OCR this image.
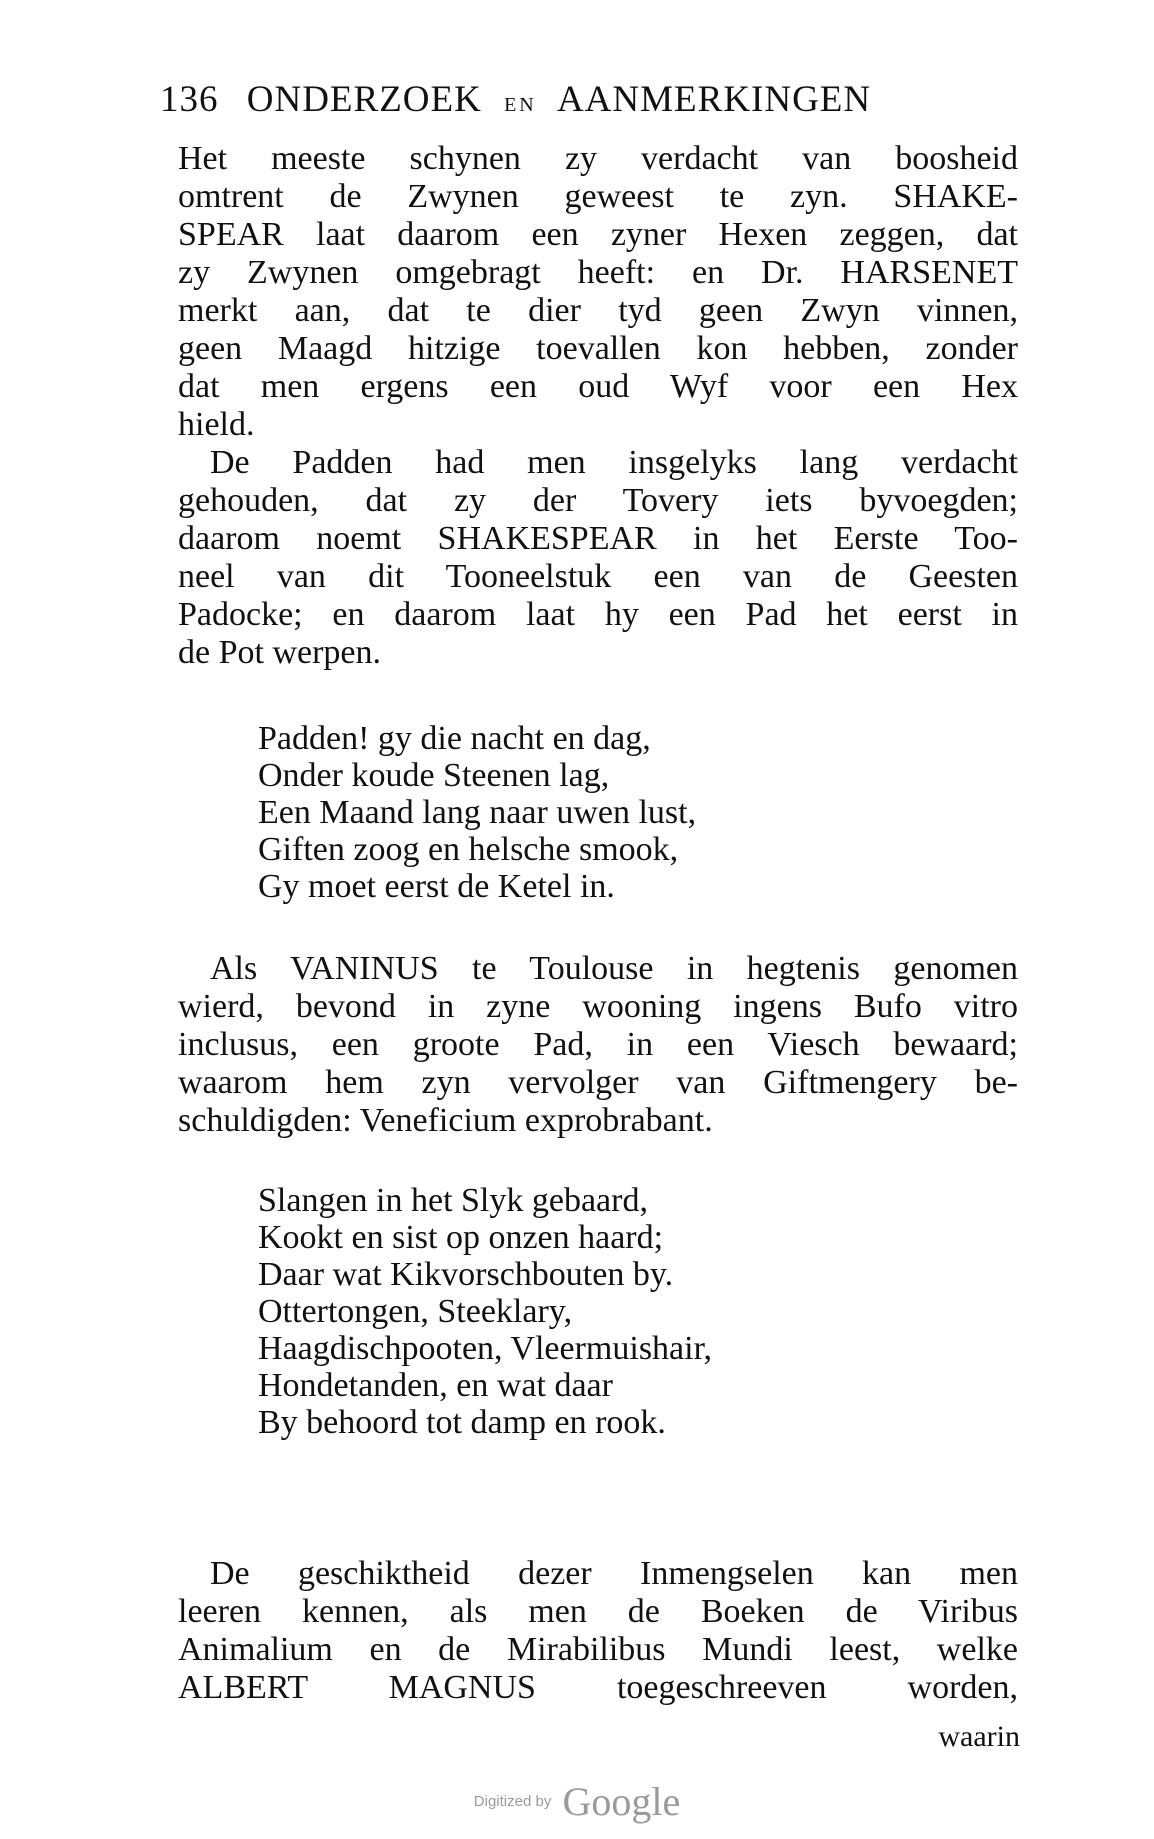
136 ONDERZOEK EN AANMERKINGEN
Het meeste schynen zy verdacht van boosheid
omtrent de Zwynen geweest te zyn. SHAKE-
SPEAR laat daarom een zyner Hexen zeggen, dat
zy Zwynen omgebragt heeft: en Dr. HARSENET
merkt aan, dat te dier tyd geen Zwyn vinnen,
geen Maagd hitzige toevallen kon hebben, zonder
dat men ergens een oud Wyf voor een Hex
hield.
De Padden had men insgelyks lang verdacht
gehouden, dat zy der Tovery iets byvoegden;
daarom noemt SHAKESPEAR in het Eerste Too-
neel van dit Tooneelstuk een van de Geesten
Padocke; en daarom laat hy een Pad het eerst in
de Pot werpen.
Padden! gy die nacht en dag,
Onder koude Steenen lag,
Een Maand lang naar uwen lust,
Giften zoog en helsche smook,
Gy moet eerst de Ketel in.
Als VANINUS te Toulouse in hegtenis genomen
wierd, bevond in zyne wooning ingens Bufo vitro
inclusus, een groote Pad, in een Viesch bewaard;
waarom hem zyn vervolger van Giftmengery be-
schuldigden: Veneficium exprobrabant.
Slangen in het Slyk gebaard,
Kookt en sist op onzen haard;
Daar wat Kikvorschbouten by.
Ottertongen, Steeklary,
Haagdischpooten, Vleermuishair,
Hondetanden, en wat daar
By behoord tot damp en rook.
De geschiktheid dezer Inmengselen kan men
leeren kennen, als men de Boeken de Viribus
Animalium en de Mirabilibus Mundi leest, welke
ALBERT MAGNUS toegeschreeven worden,
waarin
Digitized by Google
